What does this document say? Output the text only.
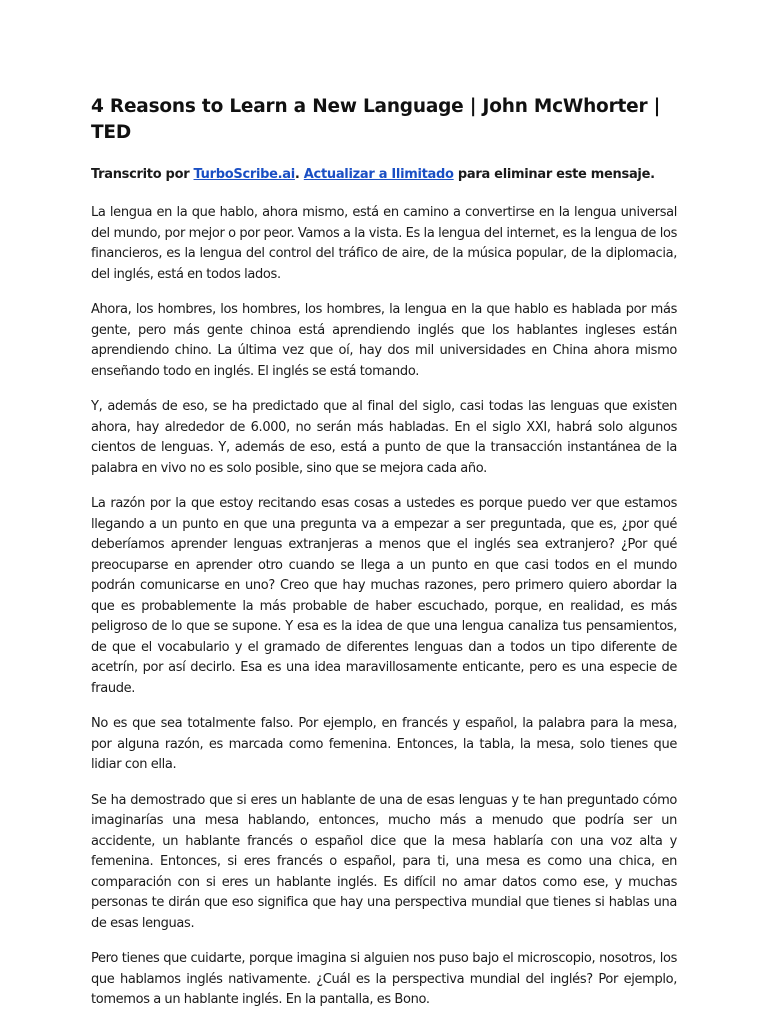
4 Reasons to Learn a New Language | John McWhorter | TED
Transcrito por TurboScribe.ai. Actualizar a Ilimitado para eliminar este mensaje.

La lengua en la que hablo, ahora mismo, está en camino a convertirse en la lengua universal del mundo, por mejor o por peor. Vamos a la vista. Es la lengua del internet, es la lengua de los financieros, es la lengua del control del tráfico de aire, de la música popular, de la diplomacia, del inglés, está en todos lados.

Ahora, los hombres, los hombres, los hombres, la lengua en la que hablo es hablada por más gente, pero más gente chinoa está aprendiendo inglés que los hablantes ingleses están aprendiendo chino. La última vez que oí, hay dos mil universidades en China ahora mismo enseñando todo en inglés. El inglés se está tomando.

Y, además de eso, se ha predictado que al final del siglo, casi todas las lenguas que existen ahora, hay alrededor de 6.000, no serán más habladas. En el siglo XXI, habrá solo algunos cientos de lenguas. Y, además de eso, está a punto de que la transacción instantánea de la palabra en vivo no es solo posible, sino que se mejora cada año.

La razón por la que estoy recitando esas cosas a ustedes es porque puedo ver que estamos llegando a un punto en que una pregunta va a empezar a ser preguntada, que es, ¿por qué deberíamos aprender lenguas extranjeras a menos que el inglés sea extranjero? ¿Por qué preocuparse en aprender otro cuando se llega a un punto en que casi todos en el mundo podrán comunicarse en uno? Creo que hay muchas razones, pero primero quiero abordar la que es probablemente la más probable de haber escuchado, porque, en realidad, es más peligroso de lo que se supone. Y esa es la idea de que una lengua canaliza tus pensamientos, de que el vocabulario y el gramado de diferentes lenguas dan a todos un tipo diferente de acetrín, por así decirlo. Esa es una idea maravillosamente enticante, pero es una especie de fraude.

No es que sea totalmente falso. Por ejemplo, en francés y español, la palabra para la mesa, por alguna razón, es marcada como femenina. Entonces, la tabla, la mesa, solo tienes que lidiar con ella.

Se ha demostrado que si eres un hablante de una de esas lenguas y te han preguntado cómo imaginarías una mesa hablando, entonces, mucho más a menudo que podría ser un accidente, un hablante francés o español dice que la mesa hablaría con una voz alta y femenina. Entonces, si eres francés o español, para ti, una mesa es como una chica, en comparación con si eres un hablante inglés. Es difícil no amar datos como ese, y muchas personas te dirán que eso significa que hay una perspectiva mundial que tienes si hablas una de esas lenguas.

Pero tienes que cuidarte, porque imagina si alguien nos puso bajo el microscopio, nosotros, los que hablamos inglés nativamente. ¿Cuál es la perspectiva mundial del inglés? Por ejemplo, tomemos a un hablante inglés. En la pantalla, es Bono.
